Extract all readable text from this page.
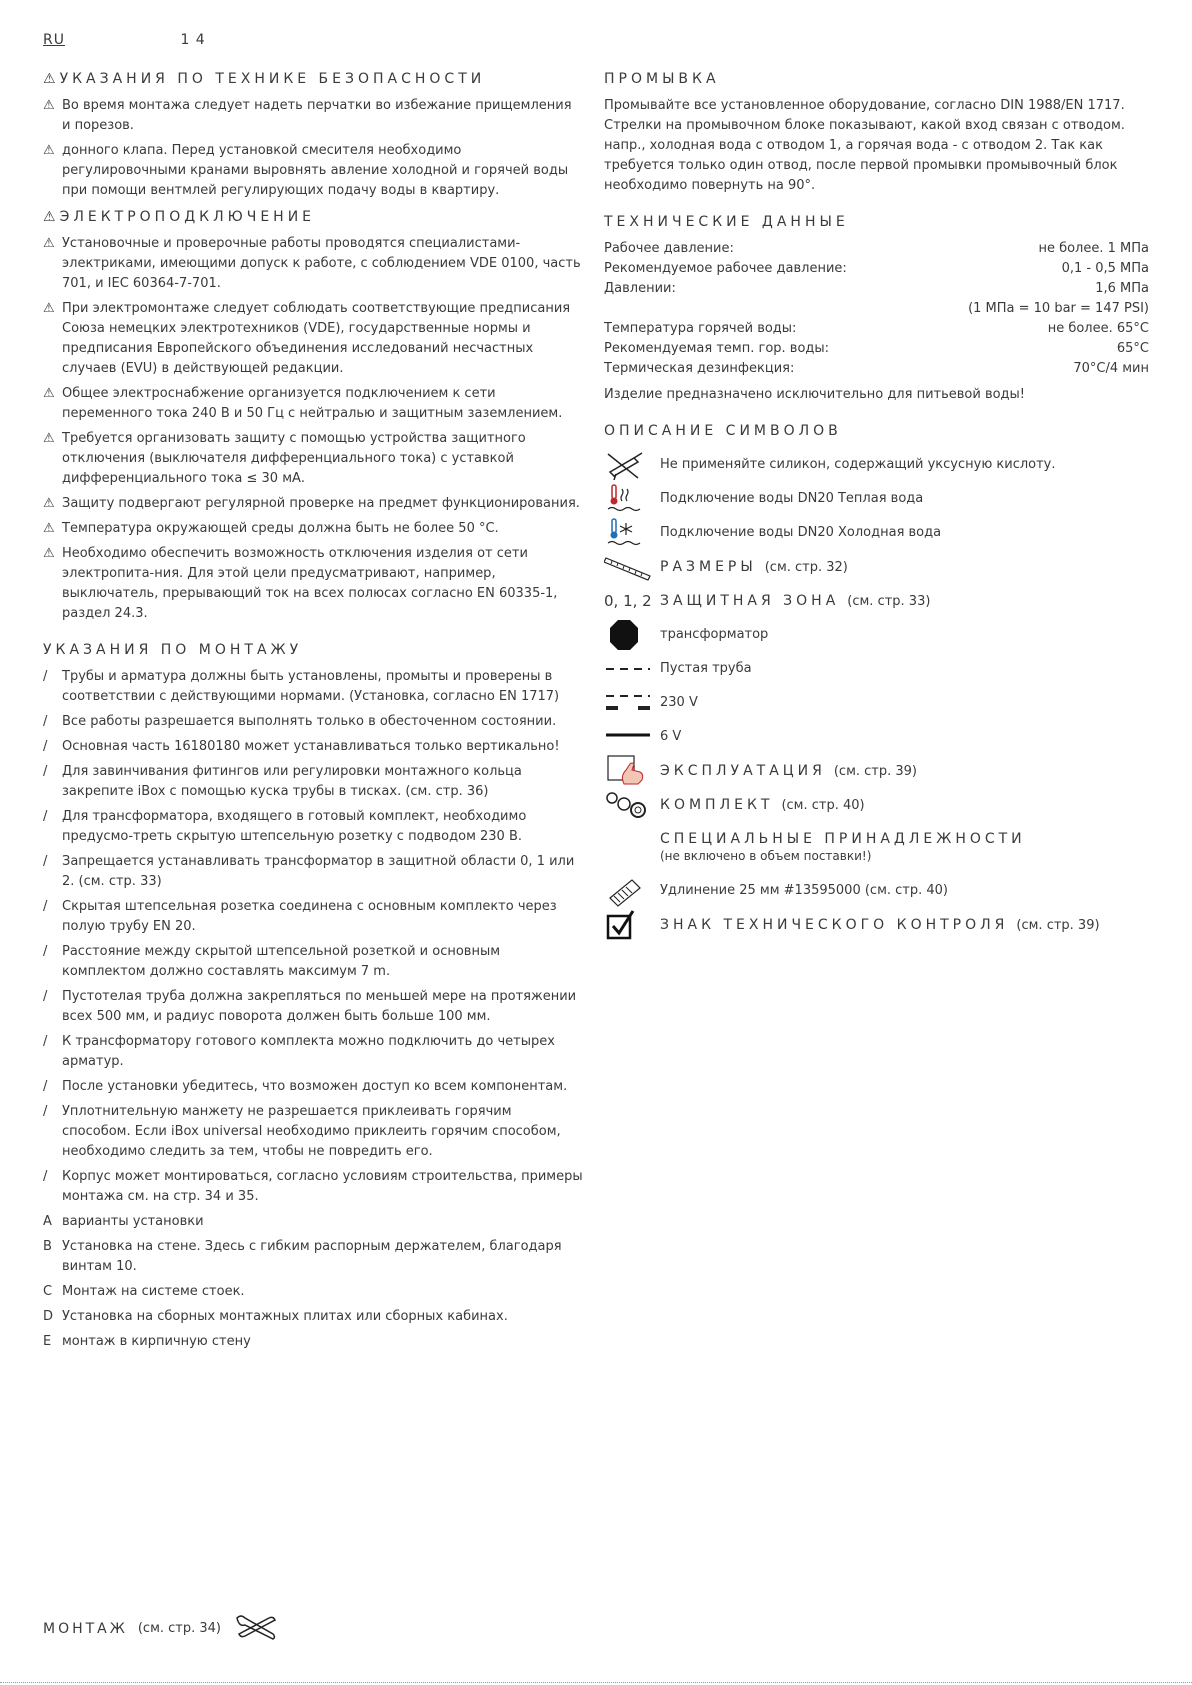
RU	1 4
⚠ УКАЗАНИЯ ПО ТЕХНИКЕ БЕЗОПАСНОСТИ
⚠ Во время монтажа следует надеть перчатки во избежание прищемления и порезов.
⚠ донного клапа. Перед установкой смесителя необходимо регулировочными кранами выровнять авление холодной и горячей воды при помощи вентмлей регулирующих подачу воды в квартиру.
⚠ ЭЛЕКТРОПОДКЛЮЧЕНИЕ
⚠ Установочные и проверочные работы проводятся специалистами-электриками, имеющими допуск к работе, с соблюдением VDE 0100, часть 701, и IEC 60364-7-701.
⚠ При электромонтаже следует соблюдать соответствующие предписания Союза немецких электротехников (VDE), государственные нормы и предписания Европейского объединения исследований несчастных случаев (EVU) в действующей редакции.
⚠ Общее электроснабжение организуется подключением к сети переменного тока 240 В и 50 Гц с нейтралью и защитным заземлением.
⚠ Требуется организовать защиту с помощью устройства защитного отключения (выключателя дифференциального тока) с уставкой дифференциального тока ≤ 30 мА.
⚠ Защиту подвергают регулярной проверке на предмет функционирования.
⚠ Температура окружающей среды должна быть не более 50 °C.
⚠ Необходимо обеспечить возможность отключения изделия от сети электропита-ния. Для этой цели предусматривают, например, выключатель, прерывающий ток на всех полюсах согласно EN 60335-1, раздел 24.3.
УКАЗАНИЯ ПО МОНТАЖУ
/ Трубы и арматура должны быть установлены, промыты и проверены в соответствии с действующими нормами. (Установка, согласно EN 1717)
/ Все работы разрешается выполнять только в обесточенном состоянии.
/ Основная часть 16180180 может устанавливаться только вертикально!
/ Для завинчивания фитингов или регулировки монтажного кольца закрепите iBox с помощью куска трубы в тисках. (см. стр. 36)
/ Для трансформатора, входящего в готовый комплект, необходимо предусмо-треть скрытую штепсельную розетку с подводом 230 В.
/ Запрещается устанавливать трансформатор в защитной области 0, 1 или 2. (см. стр. 33)
/ Скрытая штепсельная розетка соединена с основным комплекто через полую трубу EN 20.
/ Расстояние между скрытой штепсельной розеткой и основным комплектом должно составлять максимум 7 m.
/ Пустотелая труба должна закрепляться по меньшей мере на протяжении всех 500 мм, и радиус поворота должен быть больше 100 мм.
/ К трансформатору готового комплекта можно подключить до четырех арматур.
/ После установки убедитесь, что возможен доступ ко всем компонентам.
/ Уплотнительную манжету не разрешается приклеивать горячим способом. Если iBox universal необходимо приклеить горячим способом, необходимо следить за тем, чтобы не повредить его.
/ Корпус может монтироваться, согласно условиям строительства, примеры монтажа см. на стр. 34 и 35.
A варианты установки
B Установка на стене. Здесь с гибким распорным держателем, благодаря винтам 10.
C Монтаж на системе стоек.
D Установка на сборных монтажных плитах или сборных кабинах.
E монтаж в кирпичную стену
ПРОМЫВКА
Промывайте все установленное оборудование, согласно DIN 1988/EN 1717. Стрелки на промывочном блоке показывают, какой вход связан с отводом. напр., холодная вода с отводом 1, а горячая вода - с отводом 2. Так как требуется только один отвод, после первой промывки промывочный блок необходимо повернуть на 90°.
ТЕХНИЧЕСКИЕ ДАННЫЕ
Рабочее давление:	не более. 1 МПа
Рекомендуемое рабочее давление:	0,1 - 0,5 МПа
Давлении:	1,6 МПа
(1 МПа = 10 bar = 147 PSI)
Температура горячей воды:	не более. 65°C
Рекомендуемая темп. гор. воды:	65°C
Термическая дезинфекция:	70°C/4 мин
Изделие предназначено исключительно для питьевой воды!
ОПИСАНИЕ СИМВОЛОВ
Не применяйте силикон, содержащий уксусную кислоту.
Подключение воды DN20 Теплая вода
Подключение воды DN20 Холодная вода
РАЗМЕРЫ (см. стр. 32)
0, 1, 2 ЗАЩИТНАЯ ЗОНА (см. стр. 33)
трансформатор
Пустая труба
230 V
6 V
ЭКСПЛУАТАЦИЯ (см. стр. 39)
КОМПЛЕКТ (см. стр. 40)
СПЕЦИАЛЬНЫЕ ПРИНАДЛЕЖНОСТИ
(не включено в объем поставки!)
Удлинение 25 мм #13595000 (см. стр. 40)
ЗНАК ТЕХНИЧЕСКОГО КОНТРОЛЯ (см. стр. 39)
МОНТАЖ (см. стр. 34)
